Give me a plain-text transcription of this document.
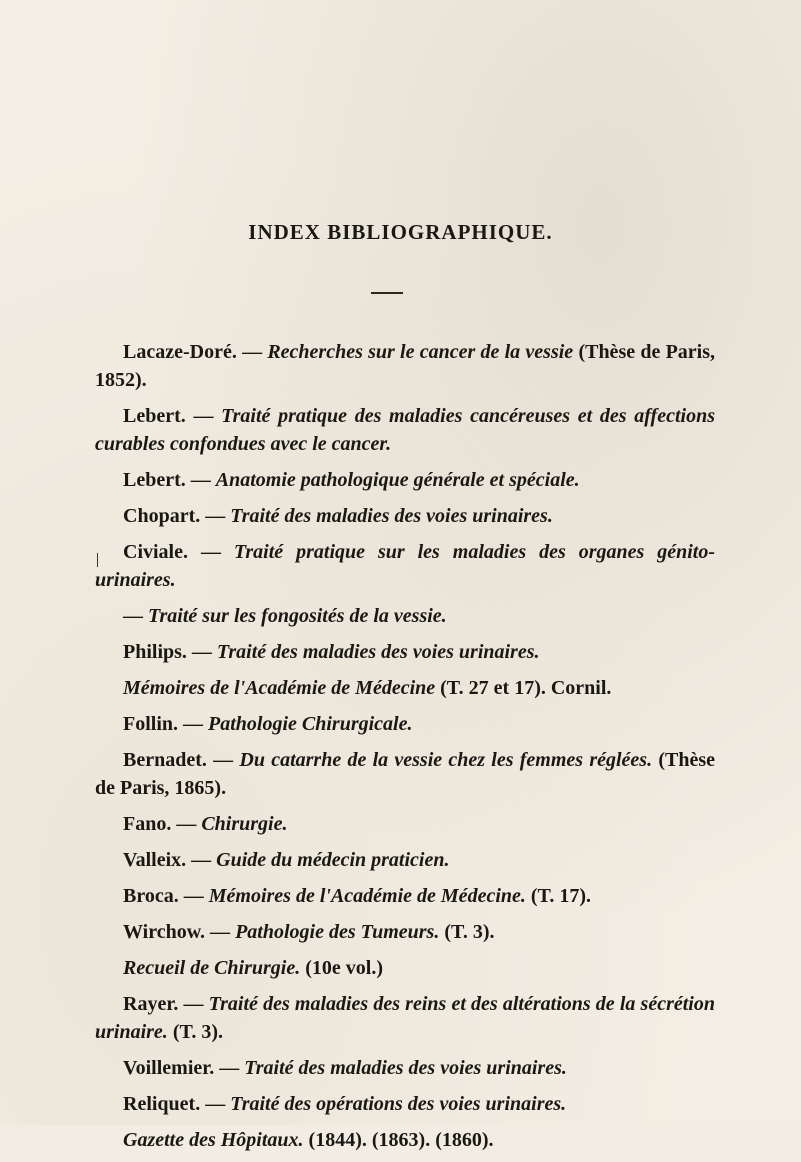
INDEX BIBLIOGRAPHIQUE.

Lacaze-Doré. — Recherches sur le cancer de la vessie (Thèse de Paris, 1852).

Lebert. — Traité pratique des maladies cancéreuses et des affections curables confondues avec le cancer.

Lebert. — Anatomie pathologique générale et spéciale.

Chopart. — Traité des maladies des voies urinaires.

Civiale. — Traité pratique sur les maladies des organes génito-urinaires.

— Traité sur les fongosités de la vessie.

Philips. — Traité des maladies des voies urinaires.

Mémoires de l'Académie de Médecine (T. 27 et 17). Cornil.

Follin. — Pathologie Chirurgicale.

Bernadet. — Du catarrhe de la vessie chez les femmes réglées. (Thèse de Paris, 1865).

Fano. — Chirurgie.

Valleix. — Guide du médecin praticien.

Broca. — Mémoires de l'Académie de Médecine. (T. 17).

Wirchow. — Pathologie des Tumeurs. (T. 3).

Recueil de Chirurgie. (10e vol.)

Rayer. — Traité des maladies des reins et des altérations de la sécrétion urinaire. (T. 3).

Voillemier. — Traité des maladies des voies urinaires.

Reliquet. — Traité des opérations des voies urinaires.

Gazette des Hôpitaux. (1844). (1863). (1860).
